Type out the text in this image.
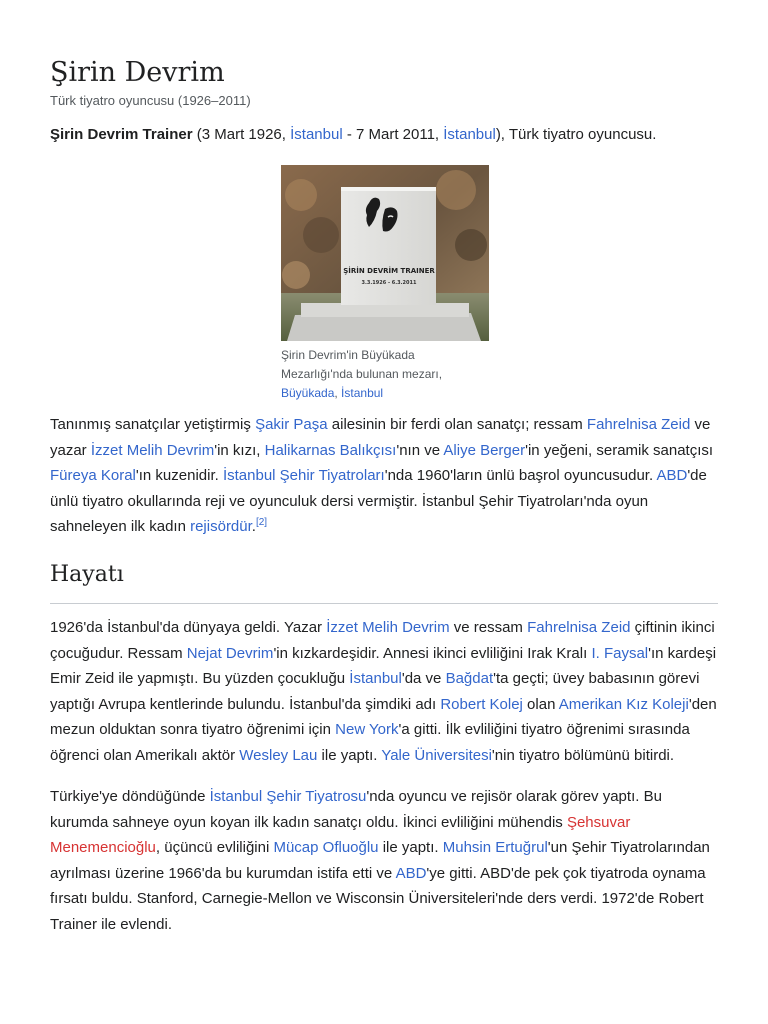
Şirin Devrim
Türk tiyatro oyuncusu (1926–2011)

Şirin Devrim Trainer (3 Mart 1926, İstanbul - 7 Mart 2011, İstanbul), Türk tiyatro oyuncusu.

ŞİRİN DEVRİM TRAINER
3.3.1926 - 6.3.2011
Şirin Devrim'in Büyükada Mezarlığı'nda bulunan mezarı,
Büyükada, İstanbul

Tanınmış sanatçılar yetiştirmiş Şakir Paşa ailesinin bir ferdi olan sanatçı; ressam Fahrelnisa Zeid ve yazar İzzet Melih Devrim'in kızı, Halikarnas Balıkçısı'nın ve Aliye Berger'in yeğeni, seramik sanatçısı Füreya Koral'ın kuzenidir. İstanbul Şehir Tiyatroları'nda 1960'ların ünlü başrol oyuncusudur. ABD'de ünlü tiyatro okullarında reji ve oyunculuk dersi vermiştir. İstanbul Şehir Tiyatroları'nda oyun sahneleyen ilk kadın rejisördür.[2]

Hayatı

1926'da İstanbul'da dünyaya geldi. Yazar İzzet Melih Devrim ve ressam Fahrelnisa Zeid çiftinin ikinci çocuğudur. Ressam Nejat Devrim'in kızkardeşidir. Annesi ikinci evliliğini Irak Kralı I. Faysal'ın kardeşi Emir Zeid ile yapmıştı. Bu yüzden çocukluğu İstanbul'da ve Bağdat'ta geçti; üvey babasının görevi yaptığı Avrupa kentlerinde bulundu. İstanbul'da şimdiki adı Robert Kolej olan Amerikan Kız Koleji'den mezun olduktan sonra tiyatro öğrenimi için New York'a gitti. İlk evliliğini tiyatro öğrenimi sırasında öğrenci olan Amerikalı aktör Wesley Lau ile yaptı. Yale Üniversitesi'nin tiyatro bölümünü bitirdi.

Türkiye'ye döndüğünde İstanbul Şehir Tiyatrosu'nda oyuncu ve rejisör olarak görev yaptı. Bu kurumda sahneye oyun koyan ilk kadın sanatçı oldu. İkinci evliliğini mühendis Şehsuvar Menemencioğlu, üçüncü evliliğini Mücap Ofluoğlu ile yaptı. Muhsin Ertuğrul'un Şehir Tiyatrolarından ayrılması üzerine 1966'da bu kurumdan istifa etti ve ABD'ye gitti. ABD'de pek çok tiyatroda oynama fırsatı buldu. Stanford, Carnegie-Mellon ve Wisconsin Üniversiteleri'nde ders verdi. 1972'de Robert Trainer ile evlendi.
